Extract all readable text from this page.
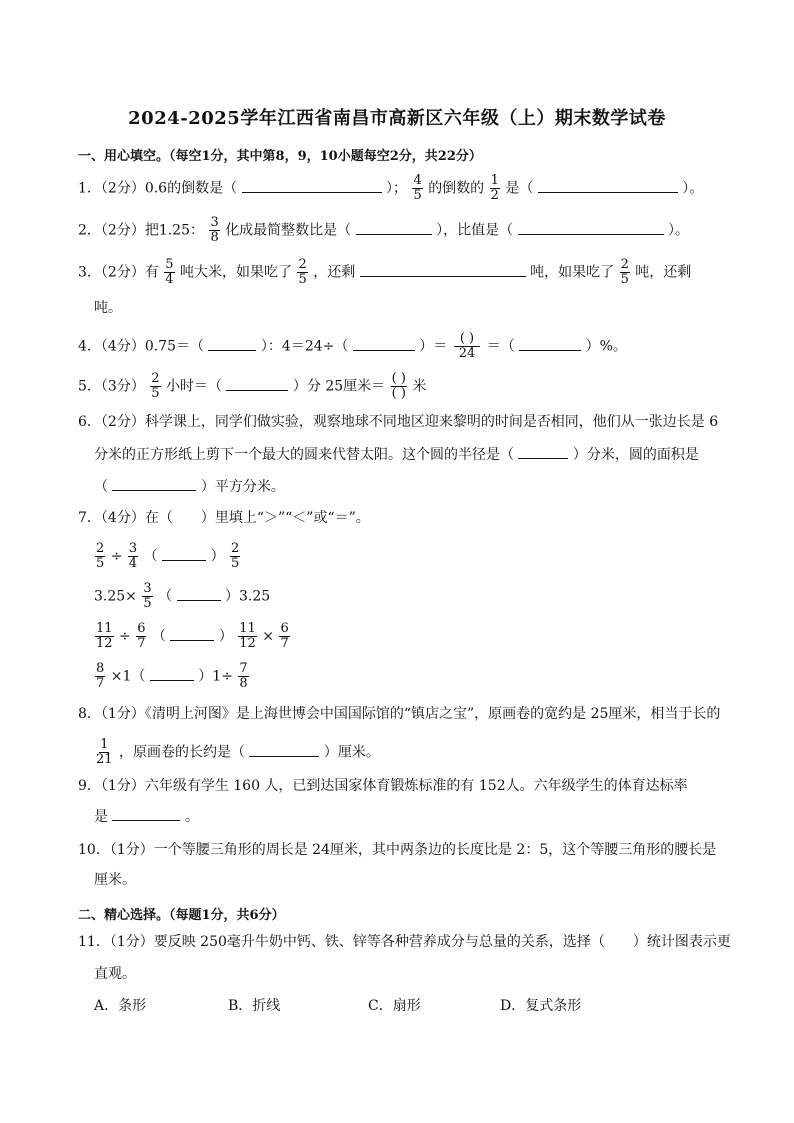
2024-2025学年江西省南昌市高新区六年级（上）期末数学试卷
一、用心填空。（每空1分，其中第8，9，10小题每空2分，共22分）
1．（2分）0.6的倒数是（	）； $\frac{4}{5}$ 的倒数的 $\frac{1}{2}$ 是（	）。
2．（2分）把1.25： $\frac{3}{8}$ 化成最简整数比是（	），比值是（	）。
3．（2分）有 $\frac{5}{4}$ 吨大米，如果吃了 $\frac{2}{5}$ ，还剩	吨，如果吃了 $\frac{2}{5}$ 吨，还剩
吨。
4．（4分）0.75＝（	）：4＝24÷（	）＝ $\frac{( )}{24}$ ＝（	）%。
5．（3分） $\frac{2}{5}$ 小时＝（	）分 25厘米＝ $\frac{( )}{( )}$ 米
6．（2分）科学课上，同学们做实验，观察地球不同地区迎来黎明的时间是否相同，他们从一张边长是 6
分米的正方形纸上剪下一个最大的圆来代替太阳。这个圆的半径是（	）分米，圆的面积是
（	）平方分米。
7．（4分）在（　　）里填上“＞”“＜”或“＝”。
$\frac{2}{5} \div \frac{3}{4}$ （	） $\frac{2}{5}$
$3.25\times \frac{3}{5}$ （	）3.25
$\frac{11}{12} \div \frac{6}{7}$ （	） $\frac{11}{12} \times \frac{6}{7}$
$\frac{8}{7} \times 1$（	）$1\div \frac{7}{8}$
8．（1分）《清明上河图》是上海世博会中国国际馆的“镇店之宝”，原画卷的宽约是 25厘米，相当于长的
$\frac{1}{21}$ ，原画卷的长约是（	）厘米。
9．（1分）六年级有学生 160 人，已到达国家体育锻炼标准的有 152人。六年级学生的体育达标率
是	。
10．（1分）一个等腰三角形的周长是 24厘米，其中两条边的长度比是 2：5，这个等腰三角形的腰长是
厘米。
二、精心选择。（每题1分，共6分）
11．（1分）要反映 250毫升牛奶中钙、铁、锌等各种营养成分与总量的关系，选择（　　）统计图表示更
直观。
A．条形	B．折线	C．扇形	D．复式条形
